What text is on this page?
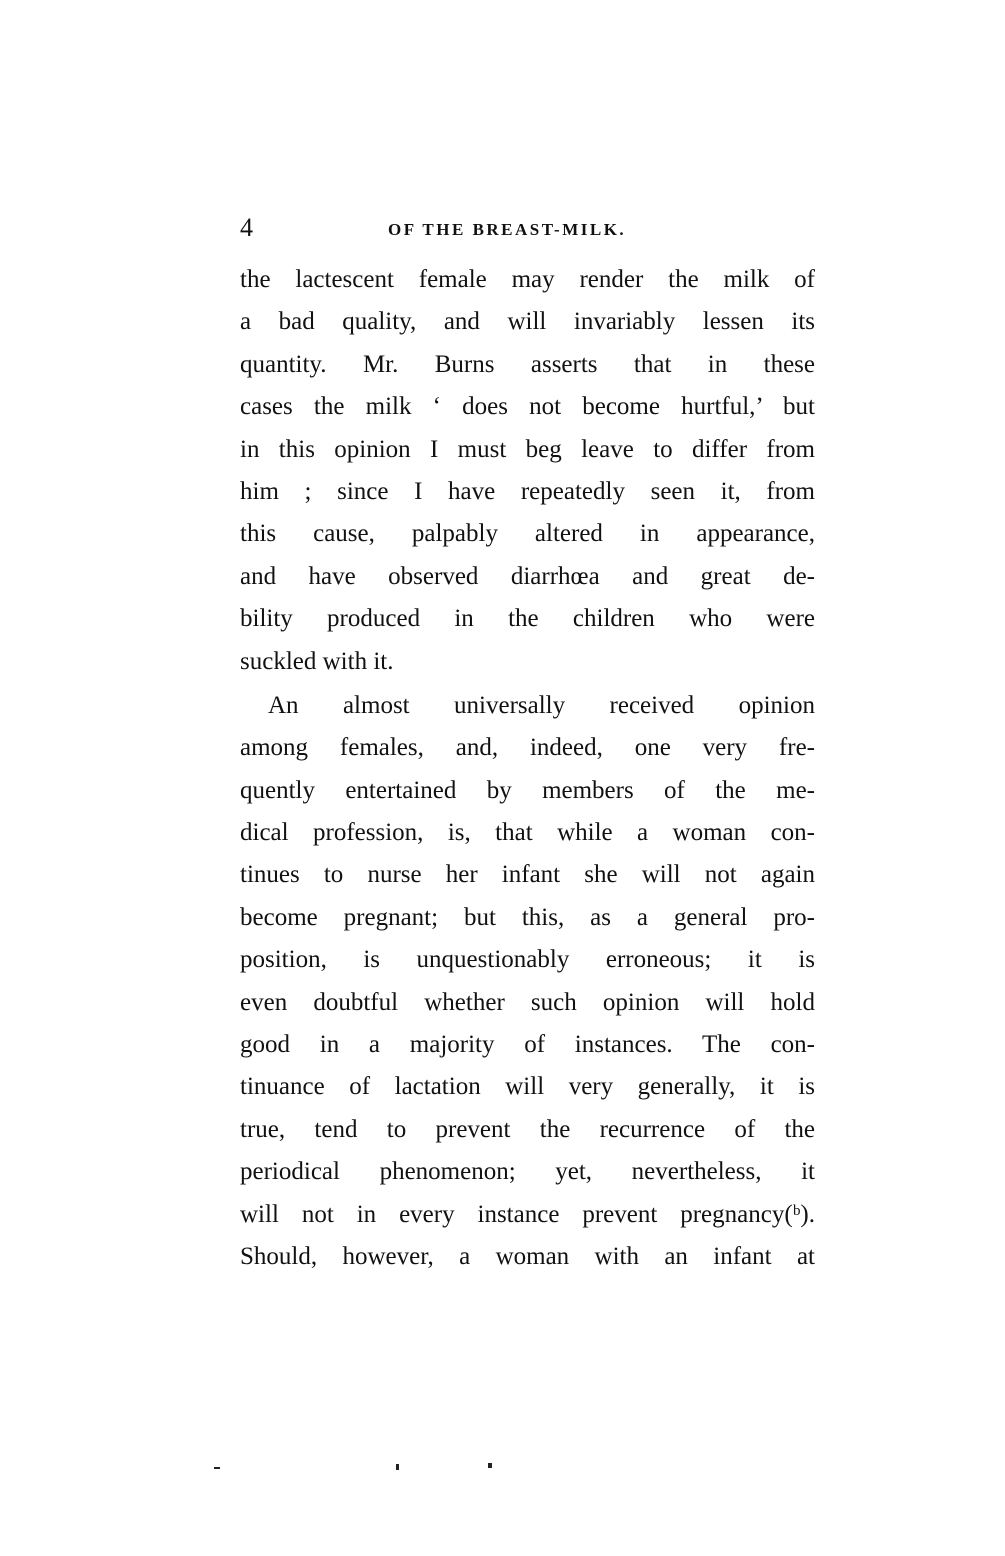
4	OF THE BREAST-MILK.
the lactescent female may render the milk of
a bad quality, and will invariably lessen its
quantity. Mr. Burns asserts that in these
cases the milk ‘ does not become hurtful,’ but
in this opinion I must beg leave to differ from
him ; since I have repeatedly seen it, from
this cause, palpably altered in appearance,
and have observed diarrhœa and great de-
bility produced in the children who were
suckled with it.
An almost universally received opinion
among females, and, indeed, one very fre-
quently entertained by members of the me-
dical profession, is, that while a woman con-
tinues to nurse her infant she will not again
become pregnant; but this, as a general pro-
position, is unquestionably erroneous; it is
even doubtful whether such opinion will hold
good in a majority of instances. The con-
tinuance of lactation will very generally, it is
true, tend to prevent the recurrence of the
periodical phenomenon; yet, nevertheless, it
will not in every instance prevent pregnancy(ᵇ).
Should, however, a woman with an infant at
